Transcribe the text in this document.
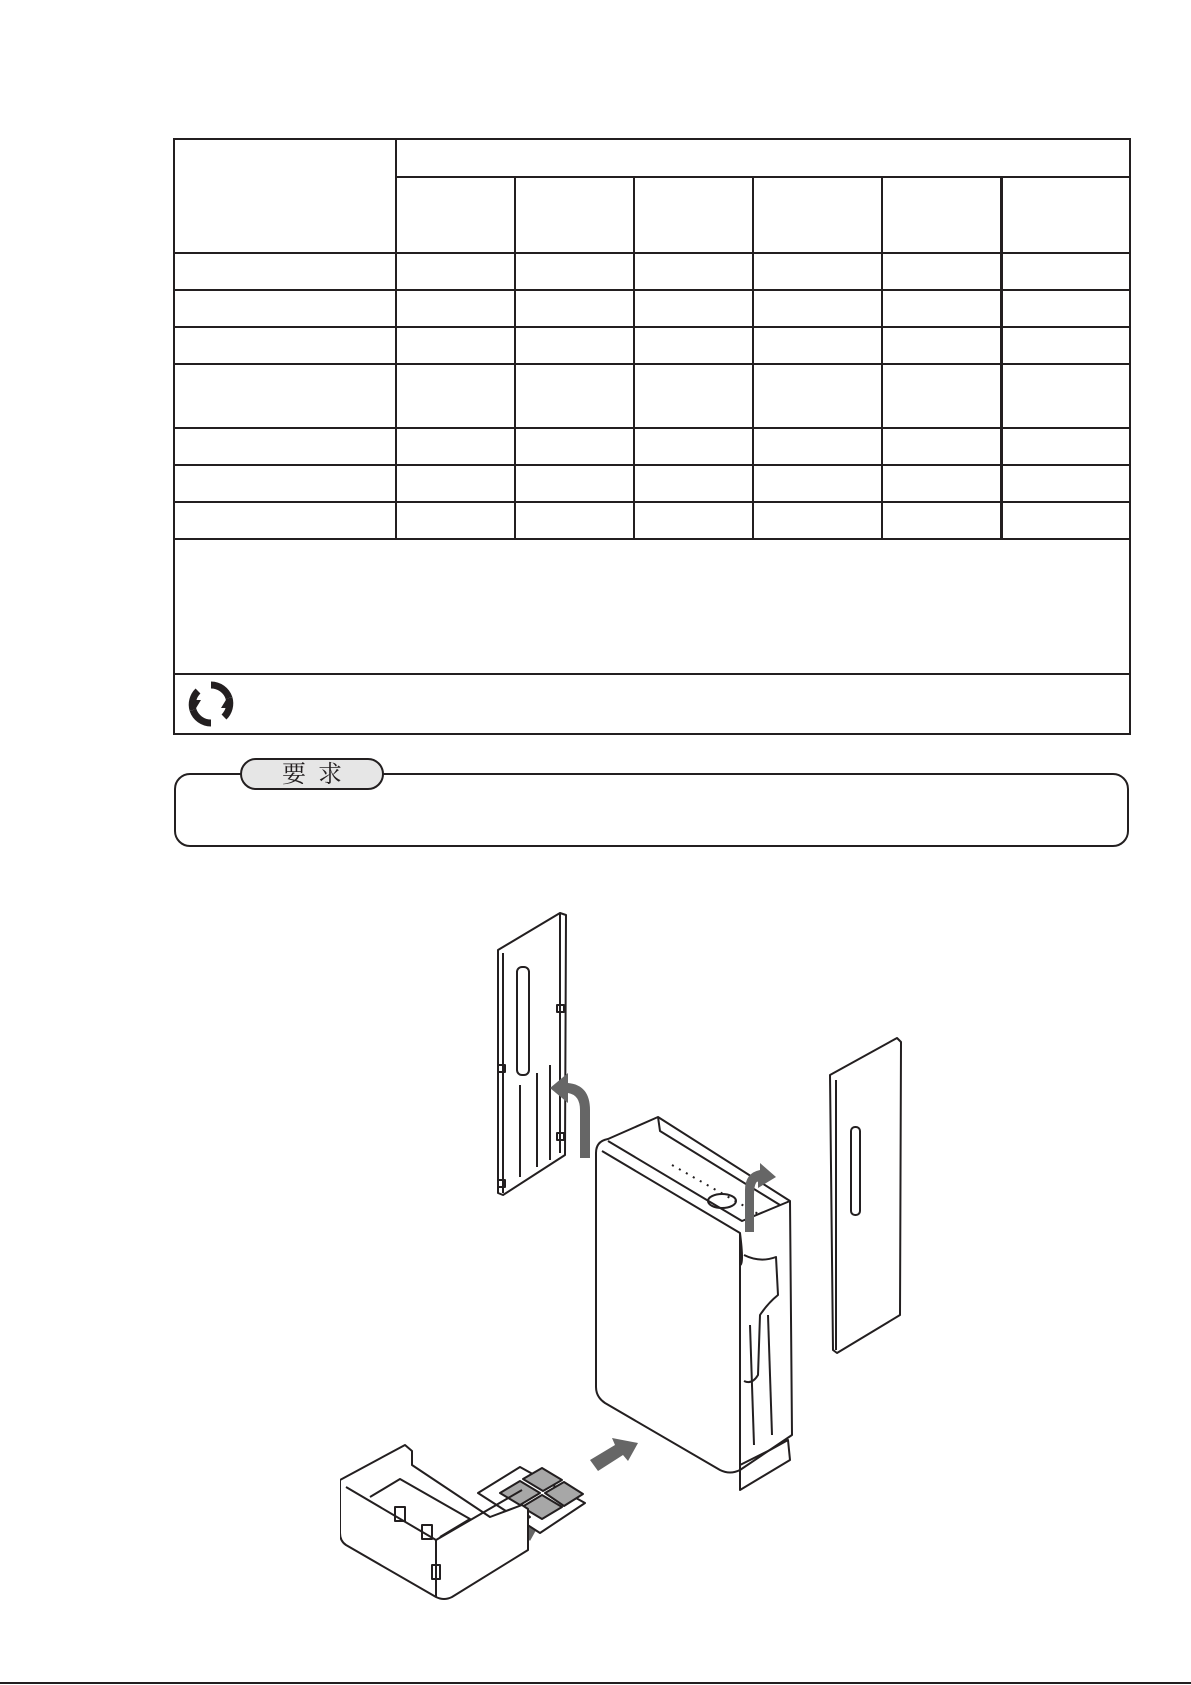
要求
